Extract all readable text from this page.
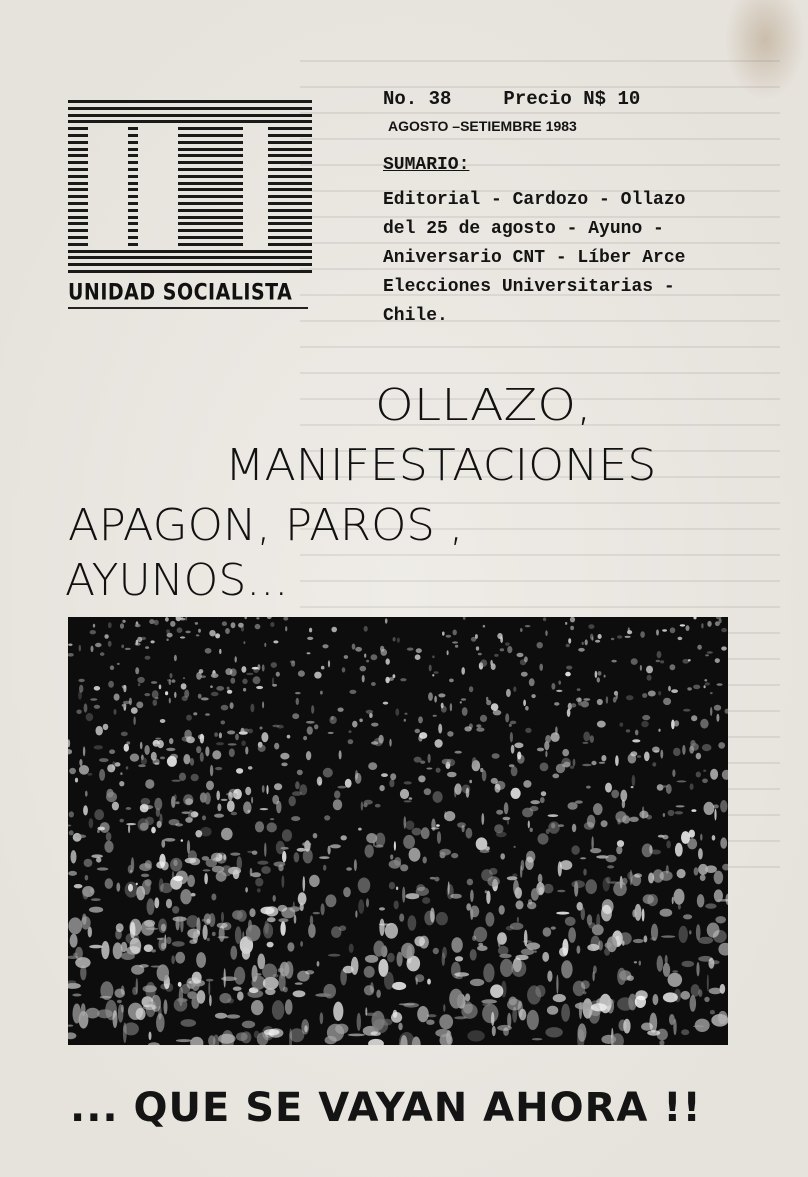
UNIDAD SOCIALISTA
No. 38	Precio N$ 10
AGOSTO –SETIEMBRE 1983
SUMARIO:
Editorial - Cardozo - Ollazo
del 25 de agosto - Ayuno -
Aniversario CNT - Líber Arce
Elecciones Universitarias -
Chile.
OLLAZO,
MANIFESTACIONES
APAGON, PAROS ,
AYUNOS...
... QUE SE VAYAN AHORA !!
